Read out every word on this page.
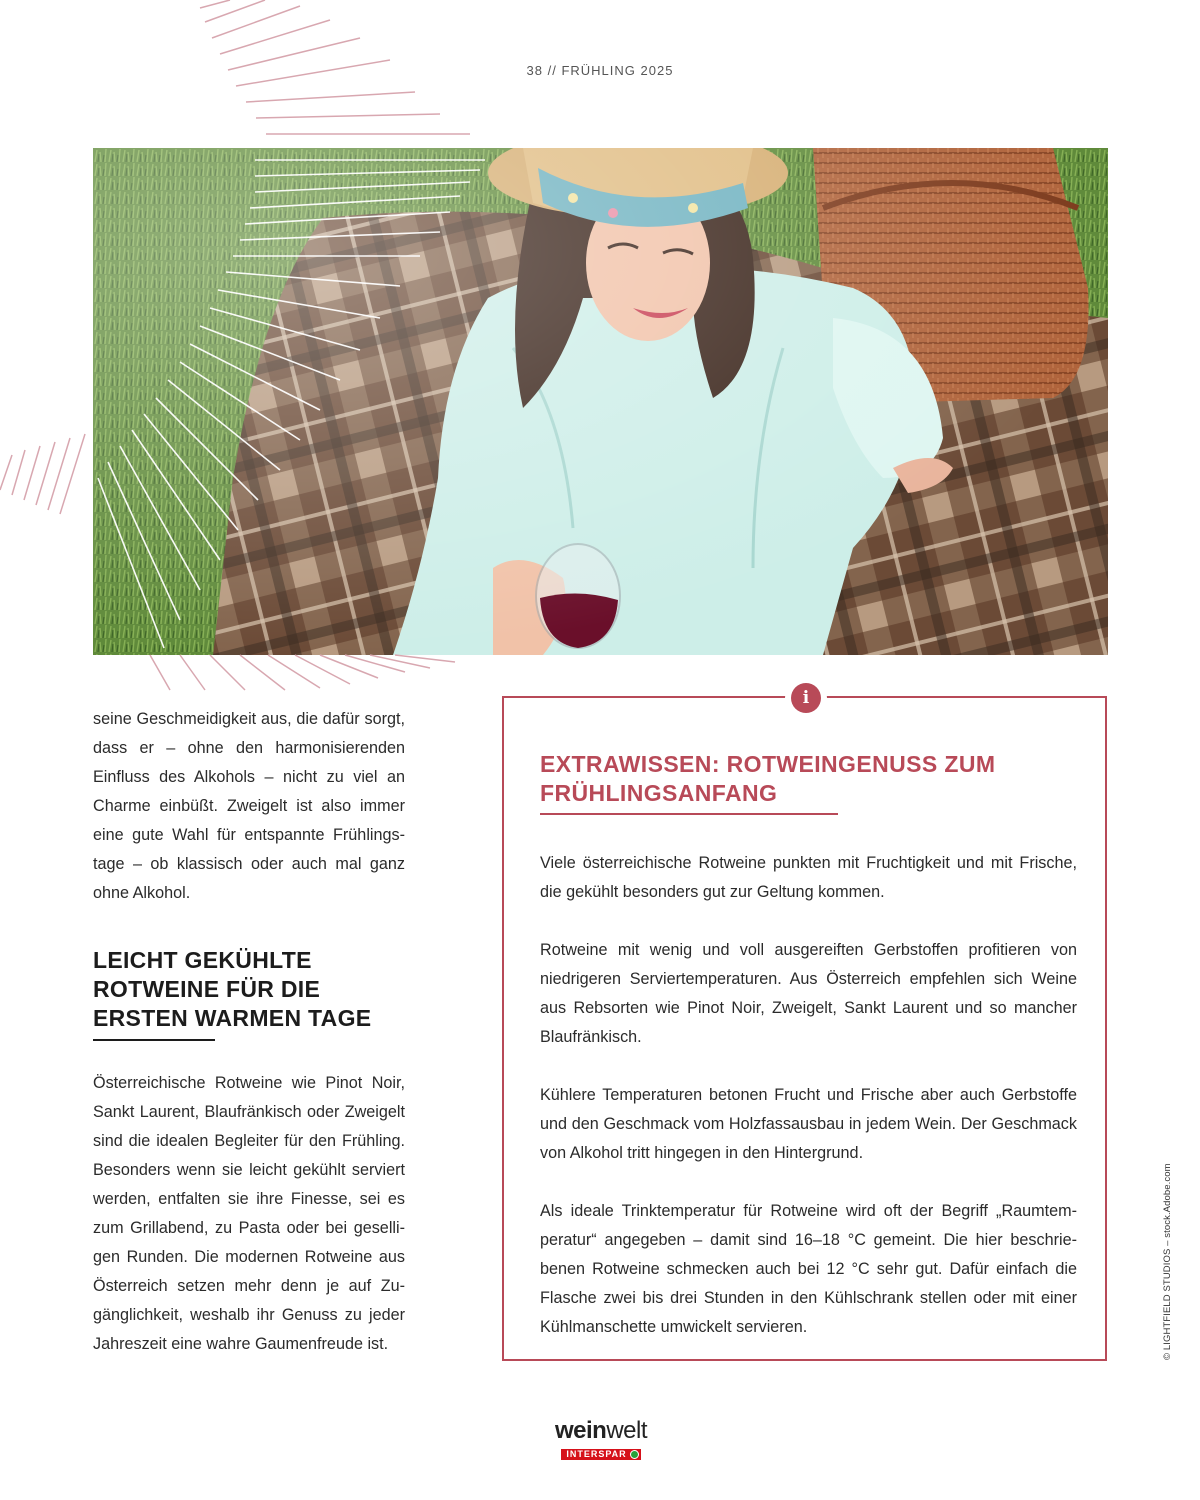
38 // FRÜHLING 2025

seine Geschmeidigkeit aus, die dafür sorgt, dass er – ohne den harmonisierenden Einfluss des Alkohols – nicht zu viel an Charme einbüßt. Zweigelt ist also immer eine gute Wahl für entspannte Frühlingstage – ob klassisch oder auch mal ganz ohne Alkohol.

LEICHT GEKÜHLTE ROTWEINE FÜR DIE ERSTEN WARMEN TAGE

Österreichische Rotweine wie Pinot Noir, Sankt Laurent, Blaufränkisch oder Zweigelt sind die idealen Begleiter für den Frühling. Besonders wenn sie leicht gekühlt serviert werden, entfalten sie ihre Finesse, sei es zum Grillabend, zu Pasta oder bei geselligen Runden. Die modernen Rotweine aus Österreich setzen mehr denn je auf Zugänglichkeit, weshalb ihr Genuss zu jeder Jahreszeit eine wahre Gaumenfreude ist.

i
EXTRAWISSEN: ROTWEINGENUSS ZUM FRÜHLINGSANFANG

Viele österreichische Rotweine punkten mit Fruchtigkeit und mit Frische, die gekühlt besonders gut zur Geltung kommen.

Rotweine mit wenig und voll ausgereiften Gerbstoffen profitieren von niedrigeren Serviertemperaturen. Aus Österreich empfehlen sich Weine aus Rebsorten wie Pinot Noir, Zweigelt, Sankt Laurent und so mancher Blaufränkisch.

Kühlere Temperaturen betonen Frucht und Frische aber auch Gerbstoffe und den Geschmack vom Holzfassausbau in jedem Wein. Der Geschmack von Alkohol tritt hingegen in den Hintergrund.

Als ideale Trinktemperatur für Rotweine wird oft der Begriff „Raumtemperatur“ angegeben – damit sind 16–18 °C gemeint. Die hier beschriebenen Rotweine schmecken auch bei 12 °C sehr gut. Dafür einfach die Flasche zwei bis drei Stunden in den Kühlschrank stellen oder mit einer Kühlmanschette umwickelt servieren.	© LIGHTFIELD STUDIOS – stock.Adobe.com
weinwelt
INTERSPAR
